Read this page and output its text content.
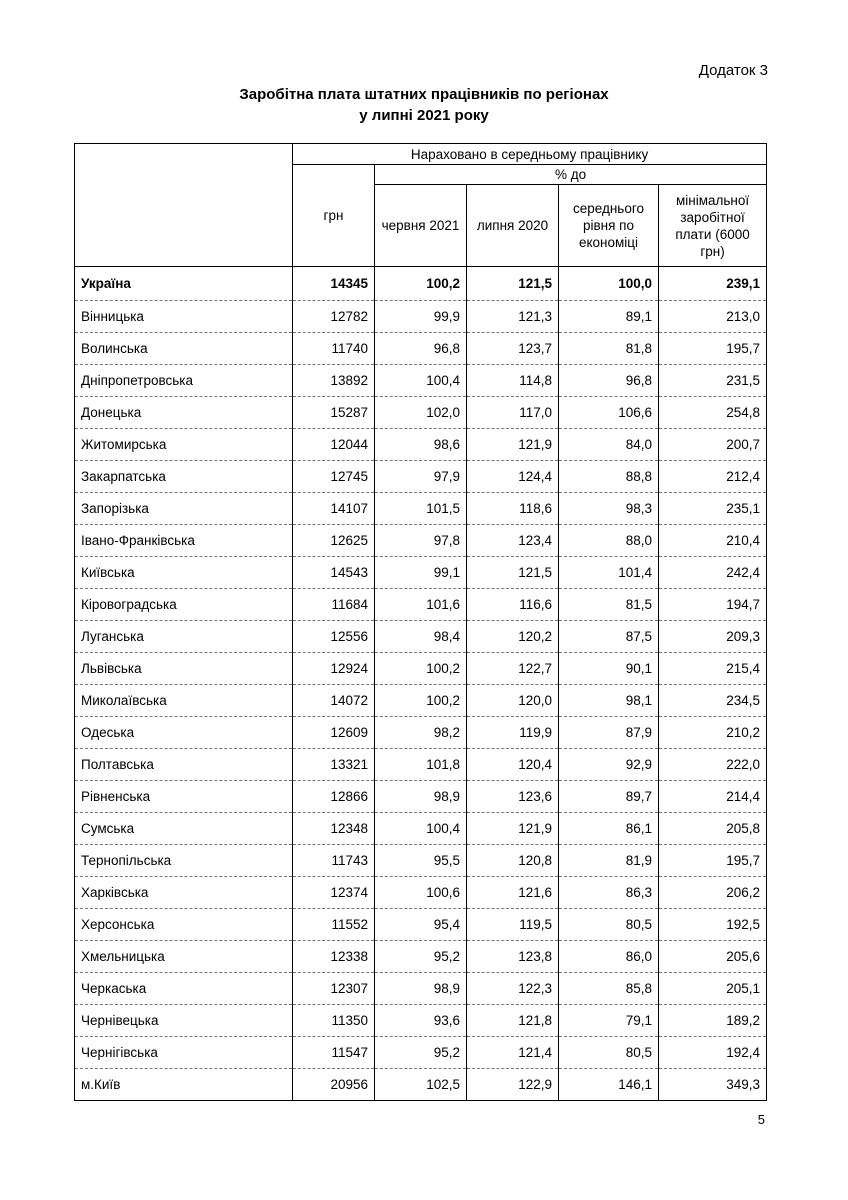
Додаток 3
Заробітна плата штатних працівників по регіонах
у липні 2021 року
	Нараховано в середньому працівнику				
	грн	% до			
		червня 2021	липня 2020	середнього рівня по економіці	мінімальної заробітної плати (6000 грн)
Україна	14345	100,2	121,5	100,0	239,1
Вінницька	12782	99,9	121,3	89,1	213,0
Волинська	11740	96,8	123,7	81,8	195,7
Дніпропетровська	13892	100,4	114,8	96,8	231,5
Донецька	15287	102,0	117,0	106,6	254,8
Житомирська	12044	98,6	121,9	84,0	200,7
Закарпатська	12745	97,9	124,4	88,8	212,4
Запорізька	14107	101,5	118,6	98,3	235,1
Івано-Франківська	12625	97,8	123,4	88,0	210,4
Київська	14543	99,1	121,5	101,4	242,4
Кіровоградська	11684	101,6	116,6	81,5	194,7
Луганська	12556	98,4	120,2	87,5	209,3
Львівська	12924	100,2	122,7	90,1	215,4
Миколаївська	14072	100,2	120,0	98,1	234,5
Одеська	12609	98,2	119,9	87,9	210,2
Полтавська	13321	101,8	120,4	92,9	222,0
Рівненська	12866	98,9	123,6	89,7	214,4
Сумська	12348	100,4	121,9	86,1	205,8
Тернопільська	11743	95,5	120,8	81,9	195,7
Харківська	12374	100,6	121,6	86,3	206,2
Херсонська	11552	95,4	119,5	80,5	192,5
Хмельницька	12338	95,2	123,8	86,0	205,6
Черкаська	12307	98,9	122,3	85,8	205,1
Чернівецька	11350	93,6	121,8	79,1	189,2
Чернігівська	11547	95,2	121,4	80,5	192,4
м.Київ	20956	102,5	122,9	146,1	349,3
5
